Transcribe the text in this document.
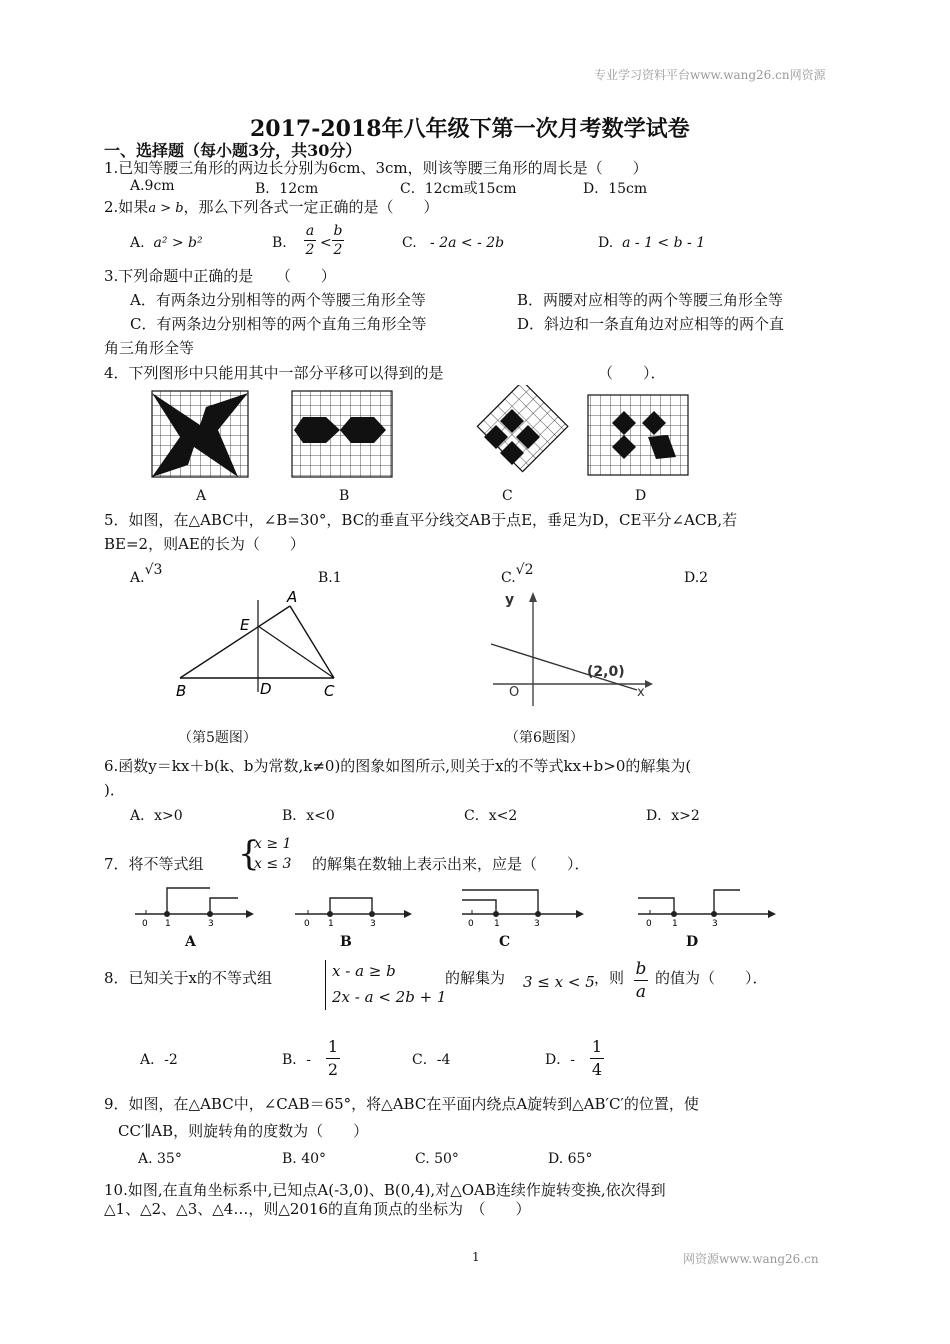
专业学习资料平台www.wang26.cn网资源
2017-2018年八年级下第一次月考数学试卷
一、选择题（每小题3分，共30分）
1.已知等腰三角形的两边长分别为6cm、3cm，则该等腰三角形的周长是（　　）
A.9cm	B．12cm	C．12cm或15cm	D．15cm
2.如果a > b，那么下列各式一定正确的是（　　）
A. a² > b²	B.
a
2 <
b
2	C. - 2a < - 2b	D. a - 1 < b - 1
3.下列命题中正确的是　　（　　）
A．有两条边分别相等的两个等腰三角形全等	B．两腰对应相等的两个等腰三角形全等
C．有两条边分别相等的两个直角三角形全等	D．斜边和一条直角边对应相等的两个直
角三角形全等
4．下列图形中只能用其中一部分平移可以得到的是	（　　）．
A	B	C	D
5．如图，在△ABC中，∠B=30°，BC的垂直平分线交AB于点E，垂足为D，CE平分∠ACB,若
BE=2，则AE的长为（　　）
A.√3	B.1	C.√2	D.2
A
E
B	D	C
（第5题图）
y
x
O
(2,0)
（第6题图）
6.函数y＝kx＋b(k、b为常数,k≠0)的图象如图所示,则关于x的不等式kx+b>0的解集为(
)．
A．x>0	B．x<0	C．x<2	D．x>2
7．将不等式组 {
x ≥ 1
x ≤ 3 的解集在数轴上表示出来，应是（　　）．
0 1	3	0 1	3	0 1	3	0 1	3
A	B	C	D
8．已知关于x的不等式组	x - a ≥ b
2x - a < 2b + 1
的解集为 3 ≤ x < 5 ，则 b
a
的值为（　　）．
A．-2	B．-
1
2	C．-4	D．-
1
4
9．如图，在△ABC中，∠CAB＝65°，将△ABC在平面内绕点A旋转到△AB′C′的位置，使
CC′∥AB，则旋转角的度数为（　　）
A. 35°	B. 40°	C. 50°	D. 65°
10.如图,在直角坐标系中,已知点A(-3,0)、B(0,4),对△OAB连续作旋转变换,依次得到
△1、△2、△3、△4…，则△2016的直角顶点的坐标为　（　　）
1	网资源www.wang26.cn
